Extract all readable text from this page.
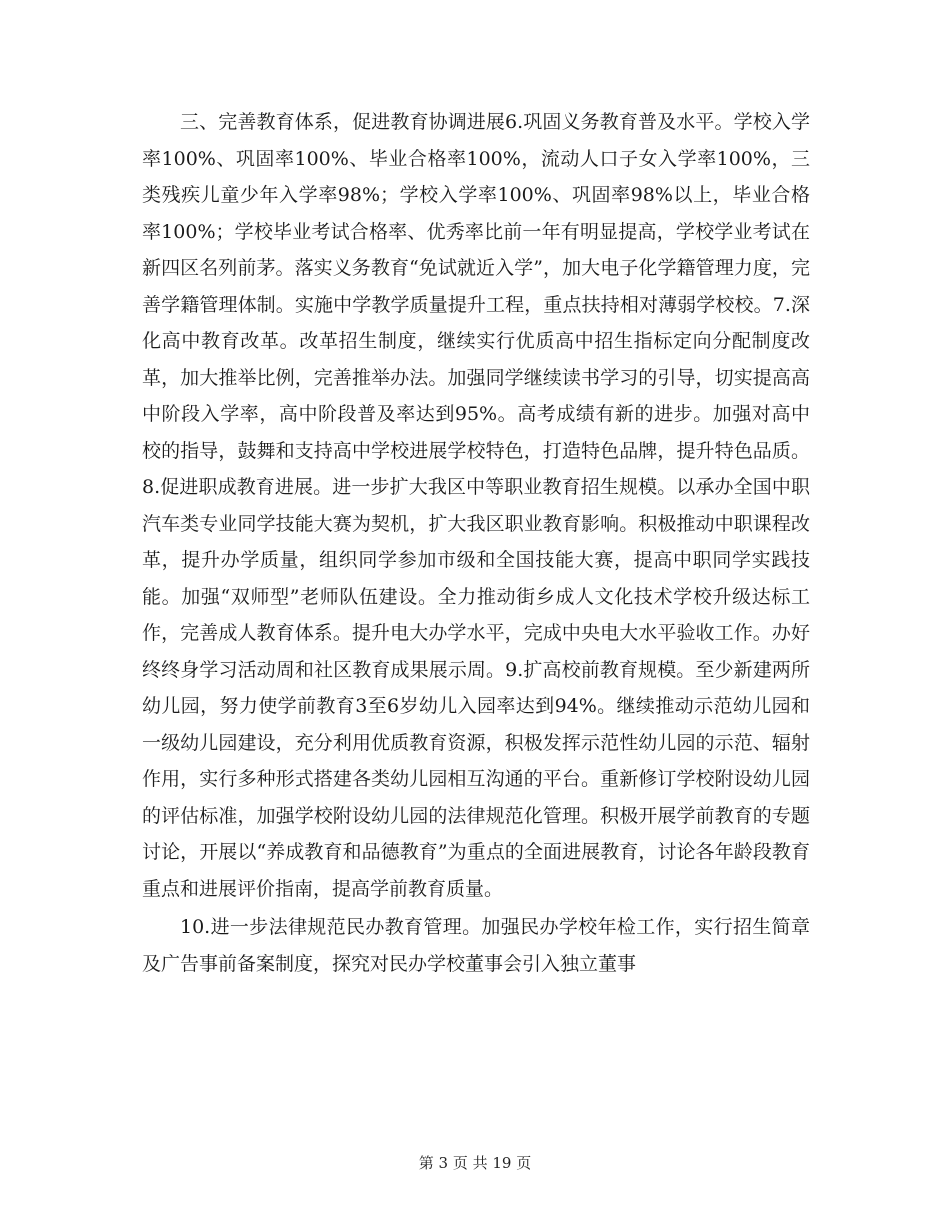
三、完善教育体系，促进教育协调进展6.巩固义务教育普及水平。学校入学率100%、巩固率100%、毕业合格率100%，流动人口子女入学率100%，三类残疾儿童少年入学率98%；学校入学率100%、巩固率98%以上，毕业合格率100%；学校毕业考试合格率、优秀率比前一年有明显提高，学校学业考试在新四区名列前茅。落实义务教育“免试就近入学”，加大电子化学籍管理力度，完善学籍管理体制。实施中学教学质量提升工程，重点扶持相对薄弱学校校。7.深化高中教育改革。改革招生制度，继续实行优质高中招生指标定向分配制度改革，加大推举比例，完善推举办法。加强同学继续读书学习的引导，切实提高高中阶段入学率，高中阶段普及率达到95%。高考成绩有新的进步。加强对高中校的指导，鼓舞和支持高中学校进展学校特色，打造特色品牌，提升特色品质。8.促进职成教育进展。进一步扩大我区中等职业教育招生规模。以承办全国中职汽车类专业同学技能大赛为契机，扩大我区职业教育影响。积极推动中职课程改革，提升办学质量，组织同学参加市级和全国技能大赛，提高中职同学实践技能。加强“双师型”老师队伍建设。全力推动街乡成人文化技术学校升级达标工作，完善成人教育体系。提升电大办学水平，完成中央电大水平验收工作。办好终终身学习活动周和社区教育成果展示周。9.扩高校前教育规模。至少新建两所幼儿园，努力使学前教育3至6岁幼儿入园率达到94%。继续推动示范幼儿园和一级幼儿园建设，充分利用优质教育资源，积极发挥示范性幼儿园的示范、辐射作用，实行多种形式搭建各类幼儿园相互沟通的平台。重新修订学校附设幼儿园的评估标准，加强学校附设幼儿园的法律规范化管理。积极开展学前教育的专题讨论，开展以“养成教育和品德教育”为重点的全面进展教育，讨论各年龄段教育重点和进展评价指南，提高学前教育质量。

10.进一步法律规范民办教育管理。加强民办学校年检工作，实行招生简章及广告事前备案制度，探究对民办学校董事会引入独立董事

第 3 页 共 19 页
